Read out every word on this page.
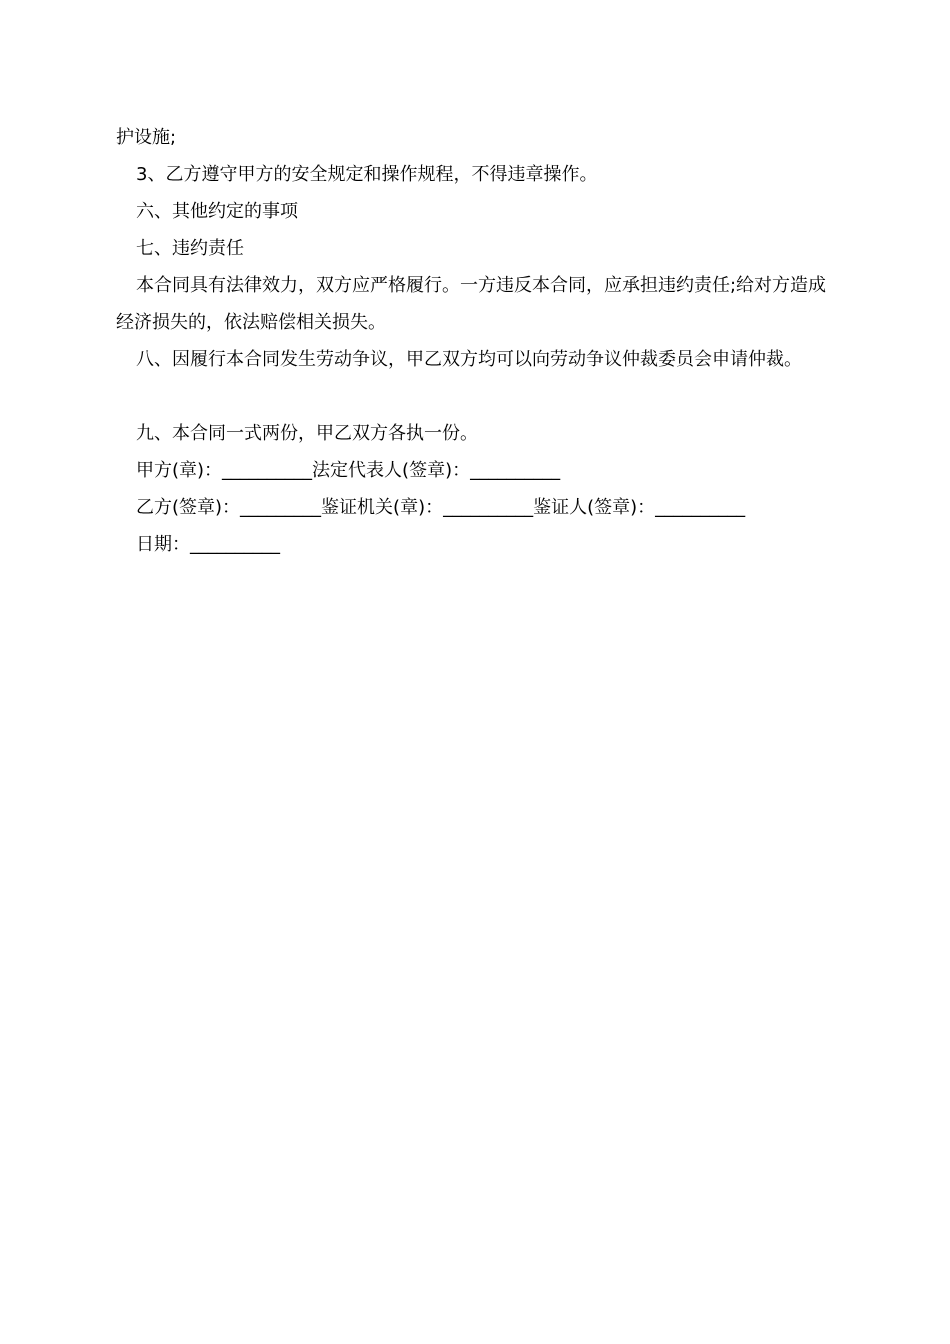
护设施;
3、乙方遵守甲方的安全规定和操作规程，不得违章操作。
六、其他约定的事项
七、违约责任
本合同具有法律效力，双方应严格履行。一方违反本合同，应承担违约责任;给对方造成经济损失的，依法赔偿相关损失。
八、因履行本合同发生劳动争议，甲乙双方均可以向劳动争议仲裁委员会申请仲裁。
九、本合同一式两份，甲乙双方各执一份。
甲方(章)：__________法定代表人(签章)：__________
乙方(签章)：_________鉴证机关(章)：__________鉴证人(签章)：__________
日期：__________
